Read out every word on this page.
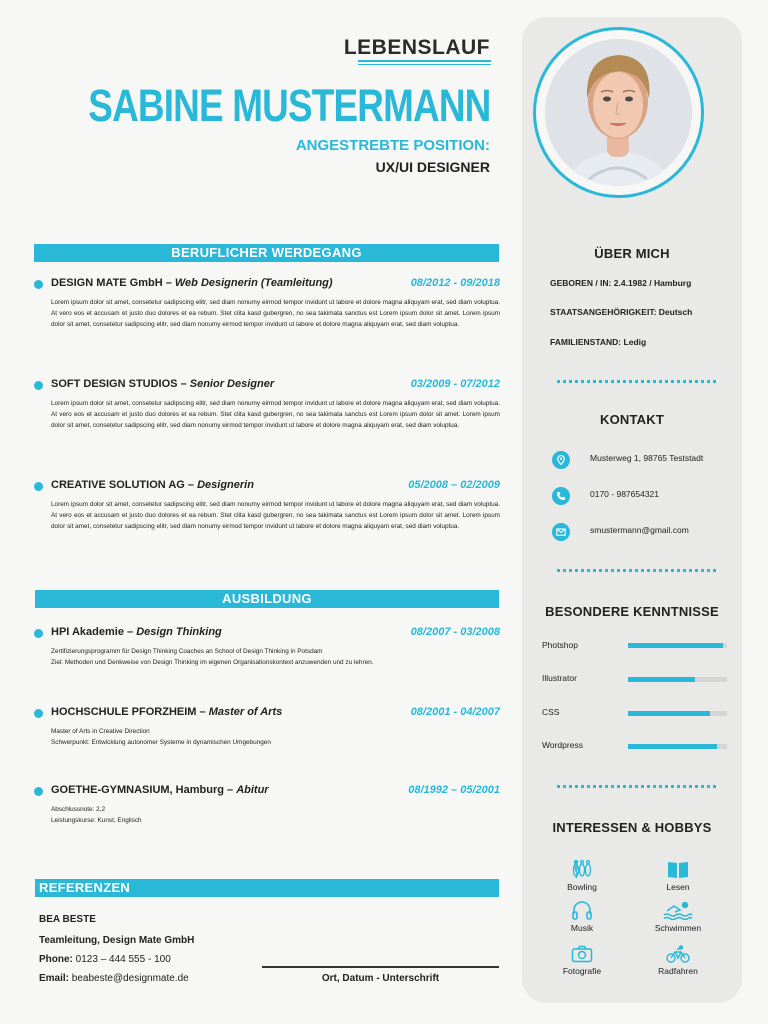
LEBENSLAUF
SABINE MUSTERMANN
ANGESTREBTE POSITION:
UX/UI DESIGNER
BERUFLICHER WERDEGANG
DESIGN MATE GmbH – Web Designerin (Teamleitung)	08/2012 - 09/2018
Lorem ipsum dolor sit amet, consetetur sadipscing elitr, sed diam nonumy eirmod tempor invidunt ut labore et dolore magna aliquyam erat, sed diam voluptua. At vero eos et accusam et justo duo dolores et ea rebum. Stet clita kasd gubergren, no sea takimata sanctus est Lorem ipsum dolor sit amet. Lorem ipsum dolor sit amet, consetetur sadipscing elitr, sed diam nonumy eirmod tempor invidunt ut labore et dolore magna aliquyam erat, sed diam voluptua.
SOFT DESIGN STUDIOS – Senior Designer	03/2009 - 07/2012
Lorem ipsum dolor sit amet, consetetur sadipscing elitr, sed diam nonumy eirmod tempor invidunt ut labore et dolore magna aliquyam erat, sed diam voluptua. At vero eos et accusam et justo duo dolores et ea rebum. Stet clita kasd gubergren, no sea takimata sanctus est Lorem ipsum dolor sit amet. Lorem ipsum dolor sit amet, consetetur sadipscing elitr, sed diam nonumy eirmod tempor invidunt ut labore et dolore magna aliquyam erat, sed diam voluptua.
CREATIVE SOLUTION AG – Designerin	05/2008 – 02/2009
Lorem ipsum dolor sit amet, consetetur sadipscing elitr, sed diam nonumy eirmod tempor invidunt ut labore et dolore magna aliquyam erat, sed diam voluptua. At vero eos et accusam et justo duo dolores et ea rebum. Stet clita kasd gubergren, no sea takimata sanctus est Lorem ipsum dolor sit amet. Lorem ipsum dolor sit amet, consetetur sadipscing elitr, sed diam nonumy eirmod tempor invidunt ut labore et dolore magna aliquyam erat, sed diam voluptua.
AUSBILDUNG
HPI Akademie – Design Thinking	08/2007 - 03/2008
Zertifizierungsprogramm für Design Thinking Coaches an School of Design Thinking in Potsdam
Ziel: Methoden und Denkweise von Design Thinking im eigenen Organisationskontext anzuwenden und zu lehren.
HOCHSCHULE PFORZHEIM – Master of Arts	08/2001 - 04/2007
Master of Arts in Creative Direction
Schwerpunkt: Entwicklung autonomer Systeme in dynamischen Umgebungen
GOETHE-GYMNASIUM, Hamburg – Abitur	08/1992 – 05/2001
Abschlussnote: 2,2
Leistungskurse: Kunst, Englisch
REFERENZEN
BEA BESTE
Teamleitung, Design Mate GmbH
Phone: 0123 – 444 555 - 100
Email: beabeste@designmate.de	Ort, Datum - Unterschrift
ÜBER MICH
GEBOREN / IN: 2.4.1982 / Hamburg
STAATSANGEHÖRIGKEIT: Deutsch
FAMILIENSTAND: Ledig
KONTAKT
Musterweg 1, 98765 Teststadt
0170 - 987654321
smustermann@gmail.com
BESONDERE KENNTNISSE
Photshop
Illustrator
CSS
Wordpress
INTERESSEN & HOBBYS
Bowling	Lesen
Musik	Schwimmen
Fotografie	Radfahren
